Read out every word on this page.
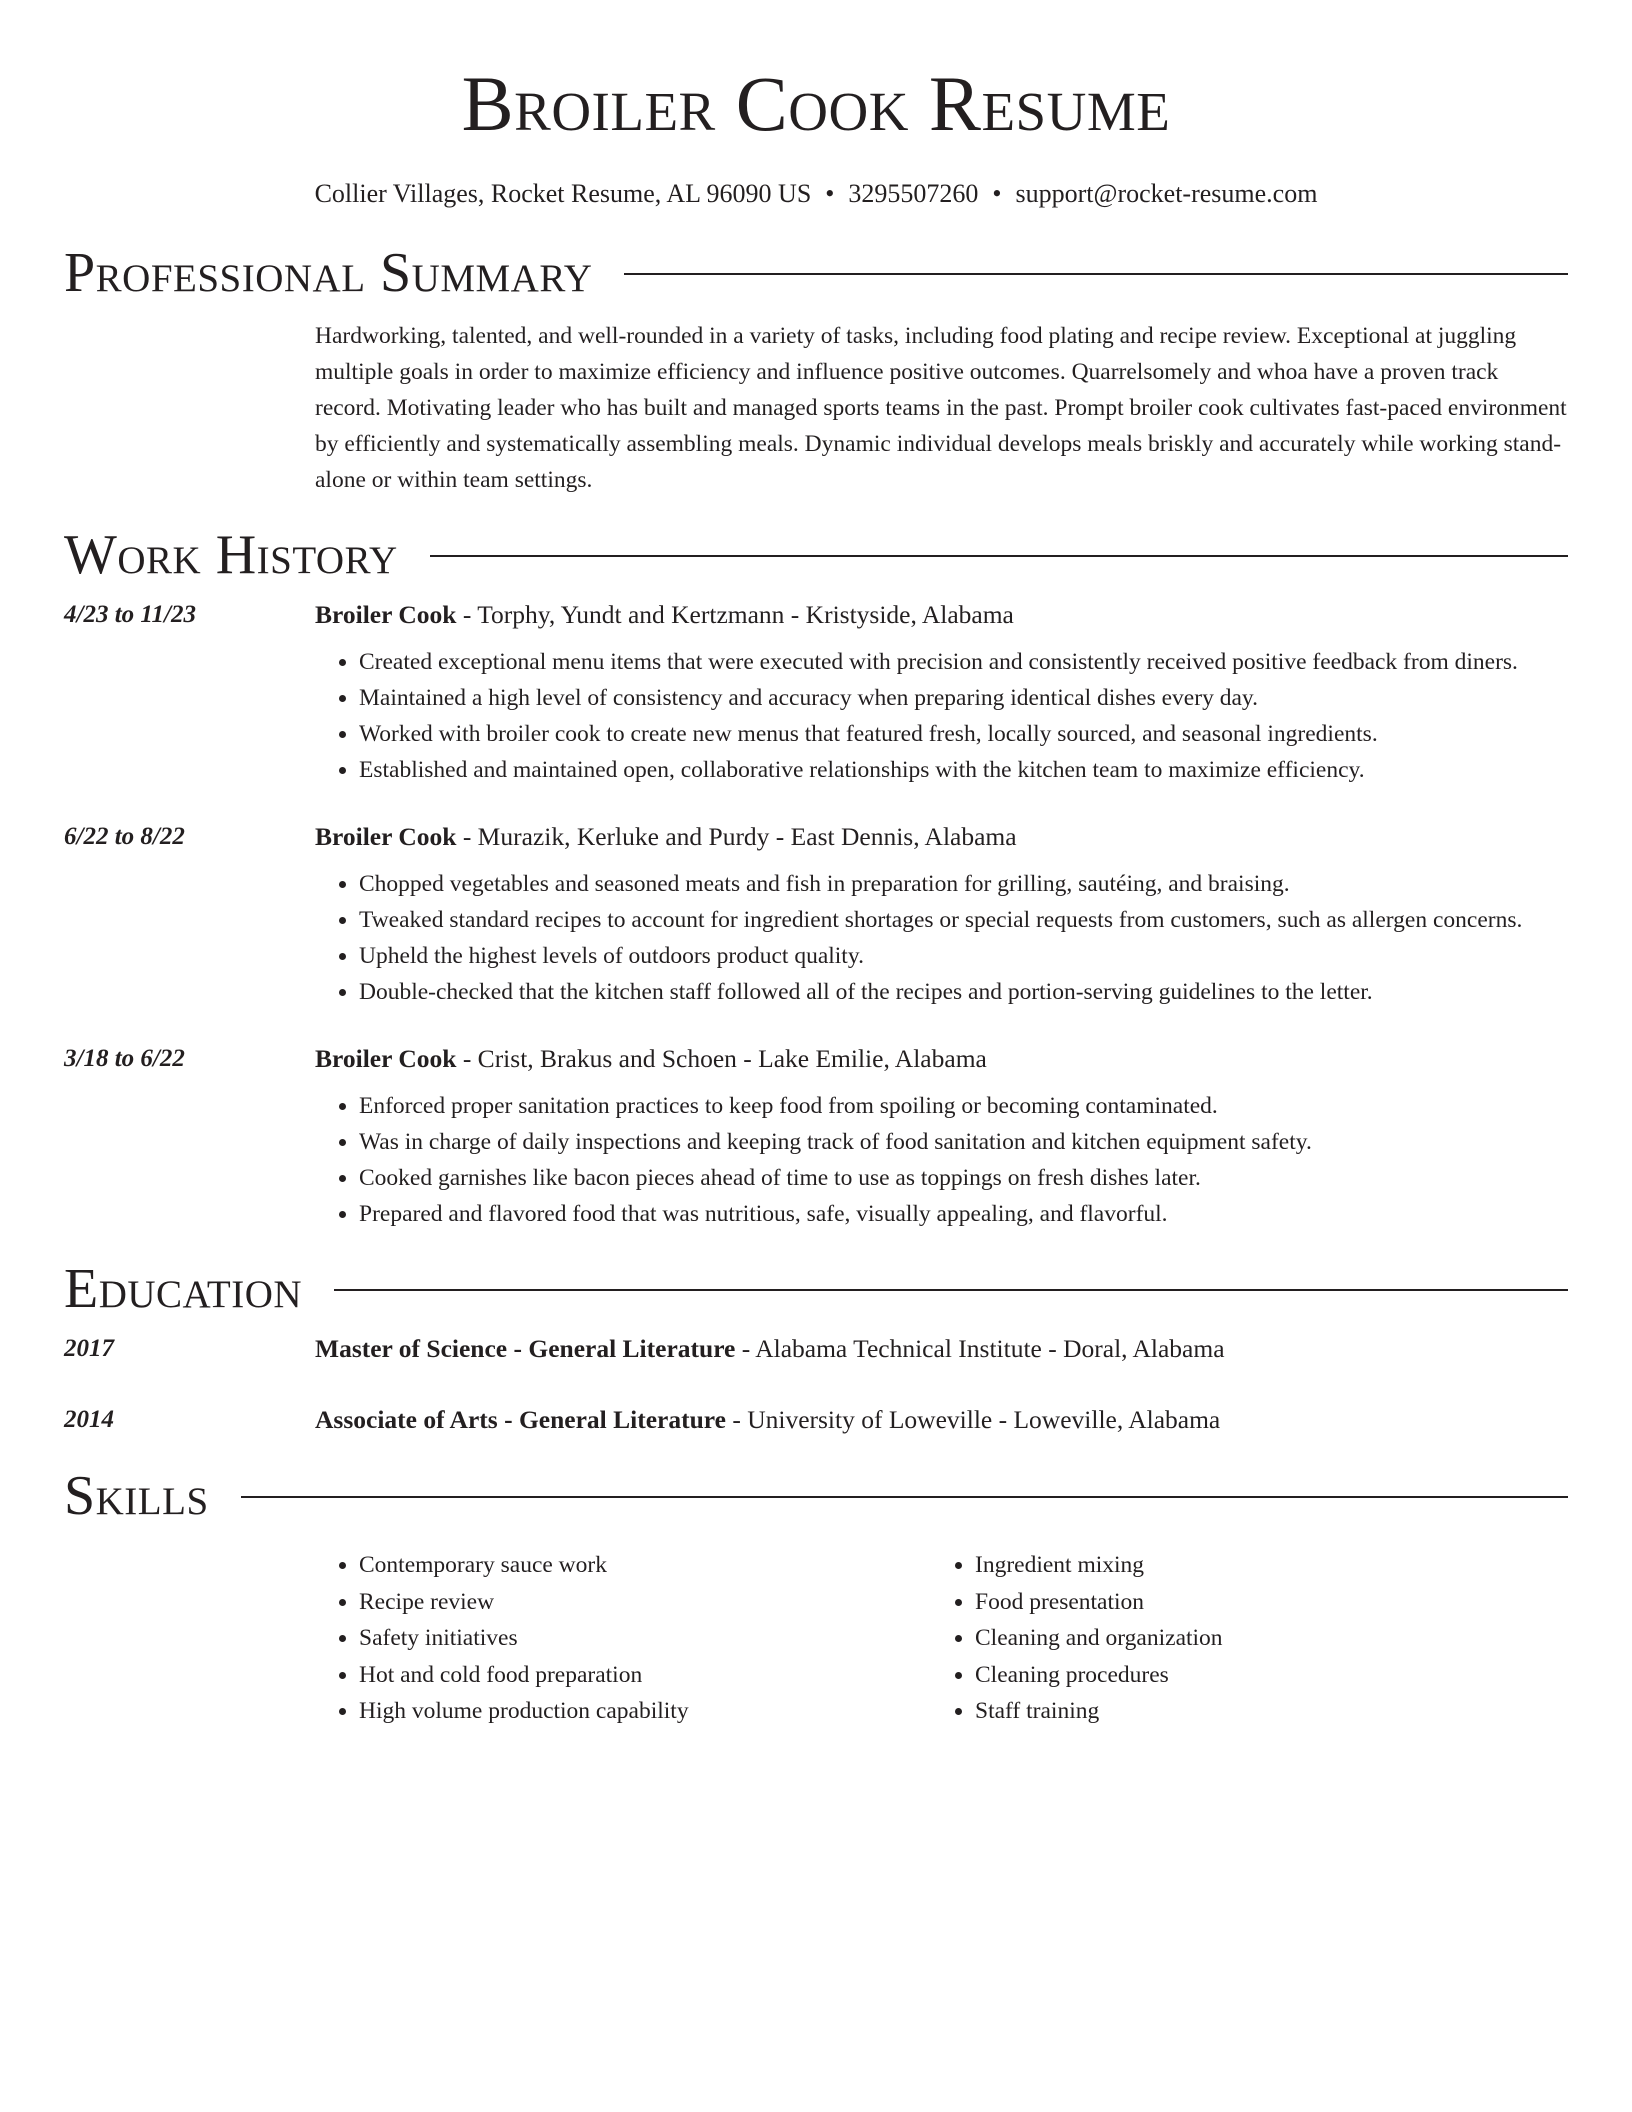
Broiler Cook Resume
Collier Villages, Rocket Resume, AL 96090 US • 3295507260 • support@rocket-resume.com
Professional Summary
Hardworking, talented, and well-rounded in a variety of tasks, including food plating and recipe review. Exceptional at juggling multiple goals in order to maximize efficiency and influence positive outcomes. Quarrelsomely and whoa have a proven track record. Motivating leader who has built and managed sports teams in the past. Prompt broiler cook cultivates fast-paced environment by efficiently and systematically assembling meals. Dynamic individual develops meals briskly and accurately while working stand-alone or within team settings.
Work History
4/23 to 11/23	Broiler Cook - Torphy, Yundt and Kertzmann - Kristyside, Alabama
• Created exceptional menu items that were executed with precision and consistently received positive feedback from diners.
• Maintained a high level of consistency and accuracy when preparing identical dishes every day.
• Worked with broiler cook to create new menus that featured fresh, locally sourced, and seasonal ingredients.
• Established and maintained open, collaborative relationships with the kitchen team to maximize efficiency.
6/22 to 8/22	Broiler Cook - Murazik, Kerluke and Purdy - East Dennis, Alabama
• Chopped vegetables and seasoned meats and fish in preparation for grilling, sautéing, and braising.
• Tweaked standard recipes to account for ingredient shortages or special requests from customers, such as allergen concerns.
• Upheld the highest levels of outdoors product quality.
• Double-checked that the kitchen staff followed all of the recipes and portion-serving guidelines to the letter.
3/18 to 6/22	Broiler Cook - Crist, Brakus and Schoen - Lake Emilie, Alabama
• Enforced proper sanitation practices to keep food from spoiling or becoming contaminated.
• Was in charge of daily inspections and keeping track of food sanitation and kitchen equipment safety.
• Cooked garnishes like bacon pieces ahead of time to use as toppings on fresh dishes later.
• Prepared and flavored food that was nutritious, safe, visually appealing, and flavorful.
Education
2017	Master of Science - General Literature - Alabama Technical Institute - Doral, Alabama
2014	Associate of Arts - General Literature - University of Loweville - Loweville, Alabama
Skills
• Contemporary sauce work
• Recipe review
• Safety initiatives
• Hot and cold food preparation
• High volume production capability
• Ingredient mixing
• Food presentation
• Cleaning and organization
• Cleaning procedures
• Staff training
